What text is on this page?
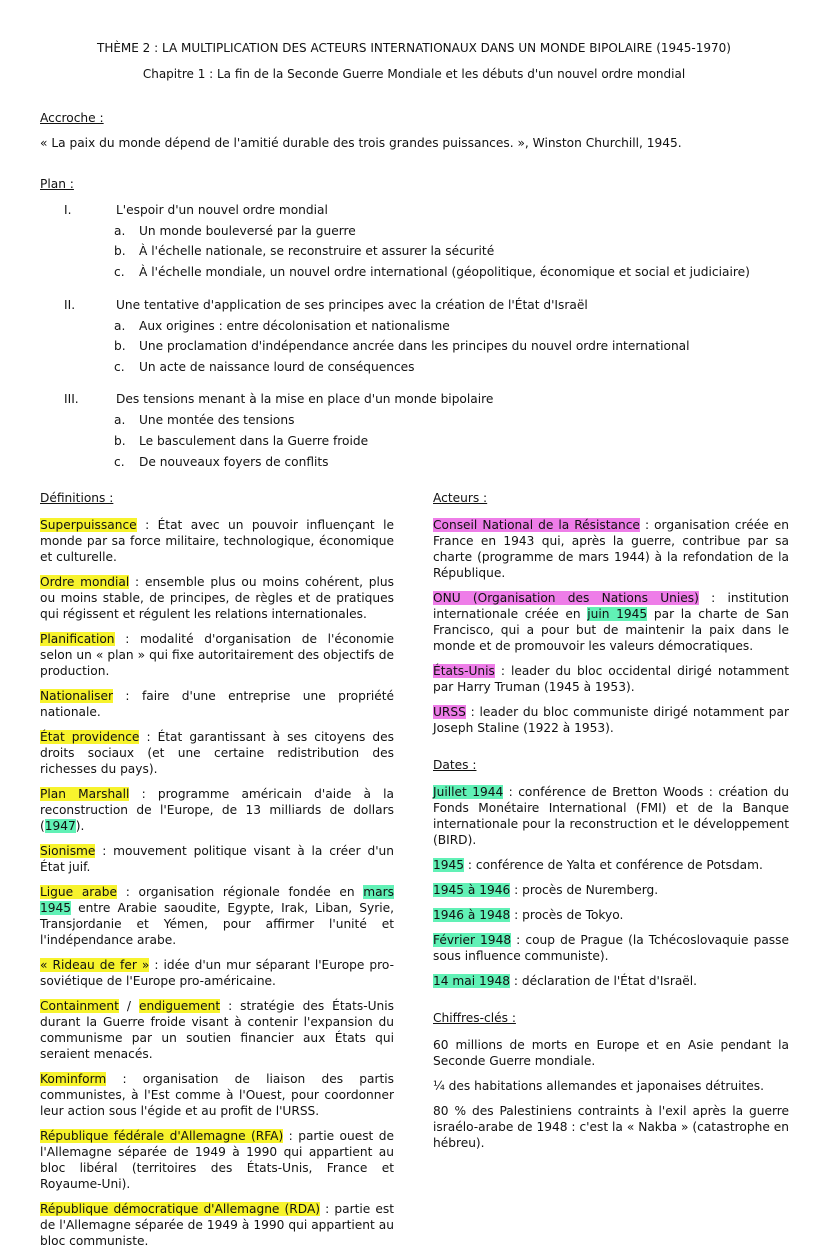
THÈME 2 : LA MULTIPLICATION DES ACTEURS INTERNATIONAUX DANS UN MONDE BIPOLAIRE (1945-1970)
Chapitre 1 : La fin de la Seconde Guerre Mondiale et les débuts d'un nouvel ordre mondial
Accroche :
« La paix du monde dépend de l'amitié durable des trois grandes puissances. », Winston Churchill, 1945.
Plan :
I.	L'espoir d'un nouvel ordre mondial
a. Un monde bouleversé par la guerre
b. À l'échelle nationale, se reconstruire et assurer la sécurité
c. À l'échelle mondiale, un nouvel ordre international (géopolitique, économique et social et judiciaire)
II.	Une tentative d'application de ses principes avec la création de l'État d'Israël
a. Aux origines : entre décolonisation et nationalisme
b. Une proclamation d'indépendance ancrée dans les principes du nouvel ordre international
c. Un acte de naissance lourd de conséquences
III.	Des tensions menant à la mise en place d'un monde bipolaire
a. Une montée des tensions
b. Le basculement dans la Guerre froide
c. De nouveaux foyers de conflits
Définitions :

Superpuissance : État avec un pouvoir influençant le monde par sa force militaire, technologique, économique et culturelle.

Ordre mondial : ensemble plus ou moins cohérent, plus ou moins stable, de principes, de règles et de pratiques qui régissent et régulent les relations internationales.

Planification : modalité d'organisation de l'économie selon un « plan » qui fixe autoritairement des objectifs de production.

Nationaliser : faire d'une entreprise une propriété nationale.

État providence : État garantissant à ses citoyens des droits sociaux (et une certaine redistribution des richesses du pays).

Plan Marshall : programme américain d'aide à la reconstruction de l'Europe, de 13 milliards de dollars (1947).

Sionisme : mouvement politique visant à la créer d'un État juif.

Ligue arabe : organisation régionale fondée en mars 1945 entre Arabie saoudite, Egypte, Irak, Liban, Syrie, Transjordanie et Yémen, pour affirmer l'unité et l'indépendance arabe.

« Rideau de fer » : idée d'un mur séparant l'Europe pro-soviétique de l'Europe pro-américaine.

Containment / endiguement : stratégie des États-Unis durant la Guerre froide visant à contenir l'expansion du communisme par un soutien financier aux États qui seraient menacés.

Kominform : organisation de liaison des partis communistes, à l'Est comme à l'Ouest, pour coordonner leur action sous l'égide et au profit de l'URSS.

République fédérale d'Allemagne (RFA) : partie ouest de l'Allemagne séparée de 1949 à 1990 qui appartient au bloc libéral (territoires des États-Unis, France et Royaume-Uni).

République démocratique d'Allemagne (RDA) : partie est de l'Allemagne séparée de 1949 à 1990 qui appartient au bloc communiste.

Acteurs :

Conseil National de la Résistance : organisation créée en France en 1943 qui, après la guerre, contribue par sa charte (programme de mars 1944) à la refondation de la République.

ONU (Organisation des Nations Unies) : institution internationale créée en juin 1945 par la charte de San Francisco, qui a pour but de maintenir la paix dans le monde et de promouvoir les valeurs démocratiques.

États-Unis : leader du bloc occidental dirigé notamment par Harry Truman (1945 à 1953).

URSS : leader du bloc communiste dirigé notamment par Joseph Staline (1922 à 1953).

Dates :

Juillet 1944 : conférence de Bretton Woods : création du Fonds Monétaire International (FMI) et de la Banque internationale pour la reconstruction et le développement (BIRD).

1945 : conférence de Yalta et conférence de Potsdam.

1945 à 1946 : procès de Nuremberg.

1946 à 1948 : procès de Tokyo.

Février 1948 : coup de Prague (la Tchécoslovaquie passe sous influence communiste).

14 mai 1948 : déclaration de l'État d'Israël.

Chiffres-clés :

60 millions de morts en Europe et en Asie pendant la Seconde Guerre mondiale.

¼ des habitations allemandes et japonaises détruites.

80 % des Palestiniens contraints à l'exil après la guerre israélo-arabe de 1948 : c'est la « Nakba » (catastrophe en hébreu).
